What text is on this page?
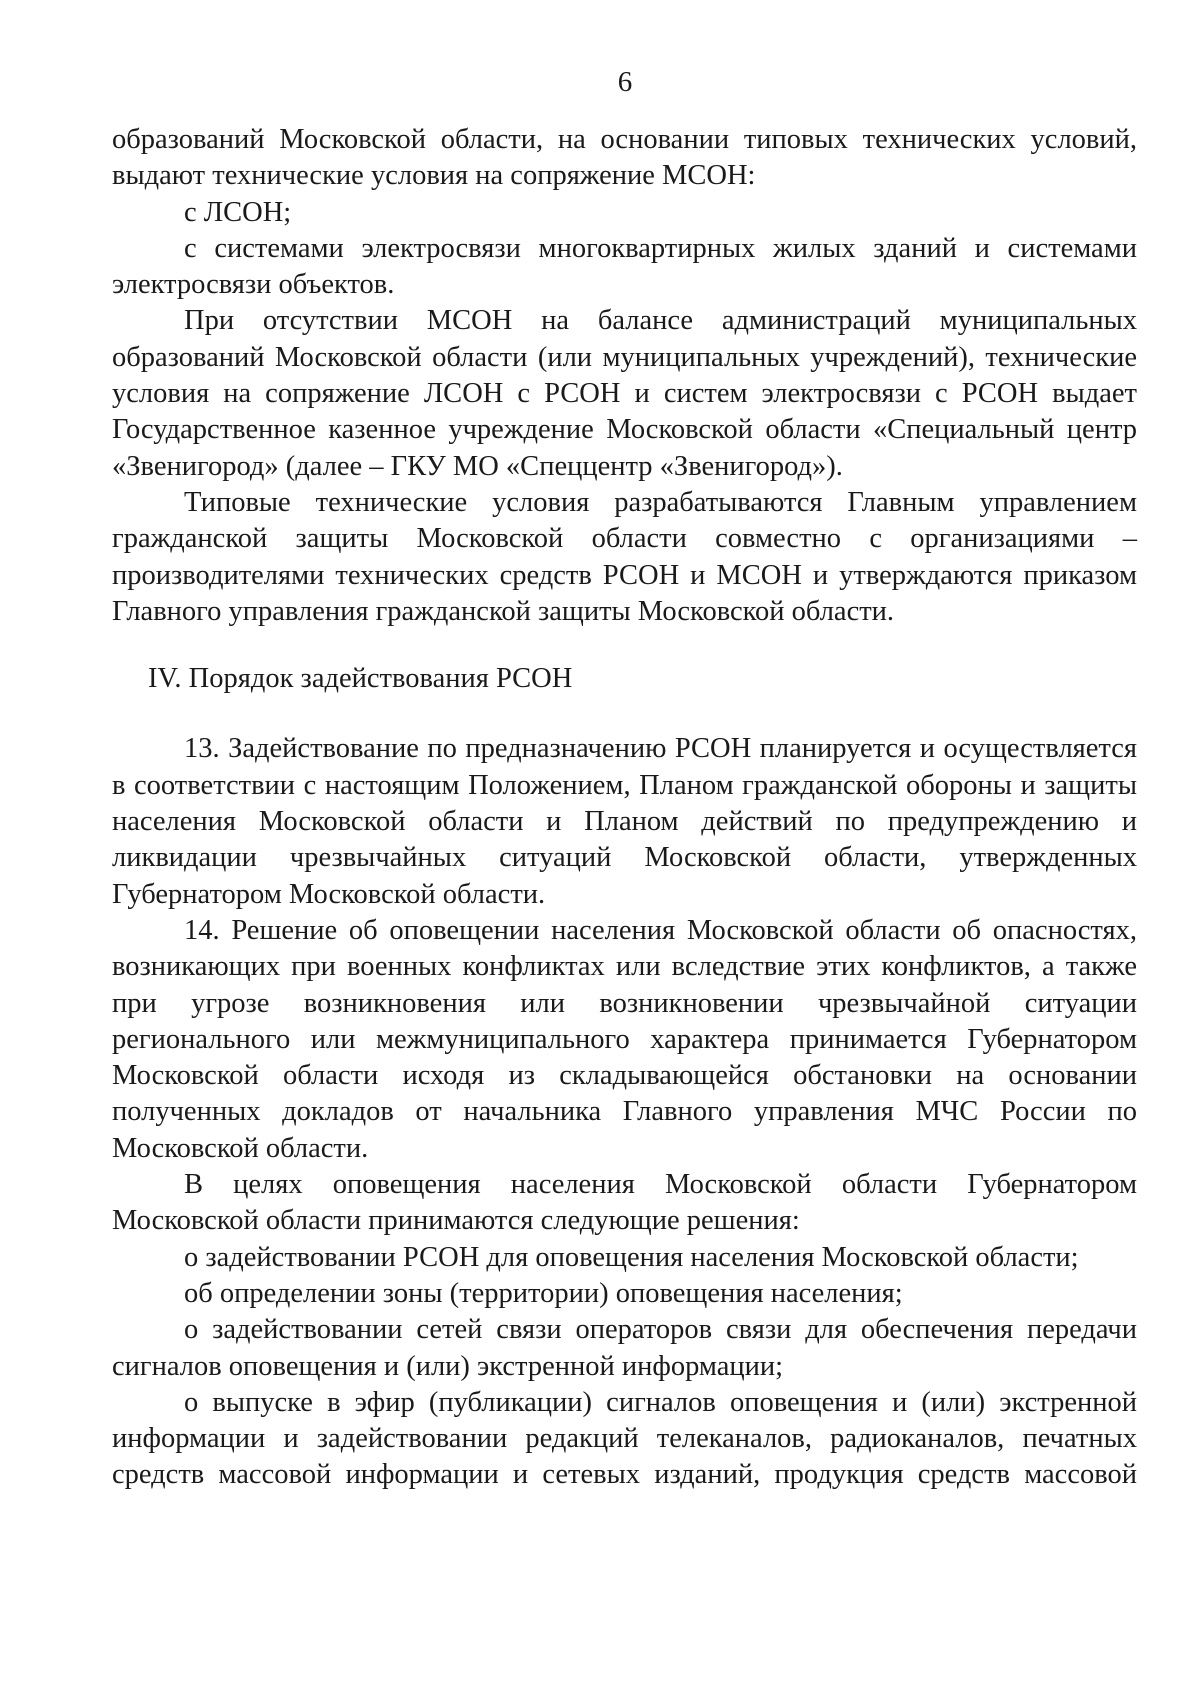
6

образований Московской области, на основании типовых технических условий, выдают технические условия на сопряжение МСОН:

с ЛСОН;

с системами электросвязи многоквартирных жилых зданий и системами электросвязи объектов.

При отсутствии МСОН на балансе администраций муниципальных образований Московской области (или муниципальных учреждений), технические условия на сопряжение ЛСОН с РСОН и систем электросвязи с РСОН выдает Государственное казенное учреждение Московской области «Специальный центр «Звенигород» (далее – ГКУ МО «Спеццентр «Звенигород»).

Типовые технические условия разрабатываются Главным управлением гражданской защиты Московской области совместно с организациями – производителями технических средств РСОН и МСОН и утверждаются приказом Главного управления гражданской защиты Московской области.

IV. Порядок задействования РСОН

13. Задействование по предназначению РСОН планируется и осуществляется в соответствии с настоящим Положением, Планом гражданской обороны и защиты населения Московской области и Планом действий по предупреждению и ликвидации чрезвычайных ситуаций Московской области, утвержденных Губернатором Московской области.

14. Решение об оповещении населения Московской области об опасностях, возникающих при военных конфликтах или вследствие этих конфликтов, а также при угрозе возникновения или возникновении чрезвычайной ситуации регионального или межмуниципального характера принимается Губернатором Московской области исходя из складывающейся обстановки на основании полученных докладов от начальника Главного управления МЧС России по Московской области.

В целях оповещения населения Московской области Губернатором Московской области принимаются следующие решения:

о задействовании РСОН для оповещения населения Московской области;

об определении зоны (территории) оповещения населения;

о задействовании сетей связи операторов связи для обеспечения передачи сигналов оповещения и (или) экстренной информации;

о выпуске в эфир (публикации) сигналов оповещения и (или) экстренной информации и задействовании редакций телеканалов, радиоканалов, печатных средств массовой информации и сетевых изданий, продукция средств массовой
